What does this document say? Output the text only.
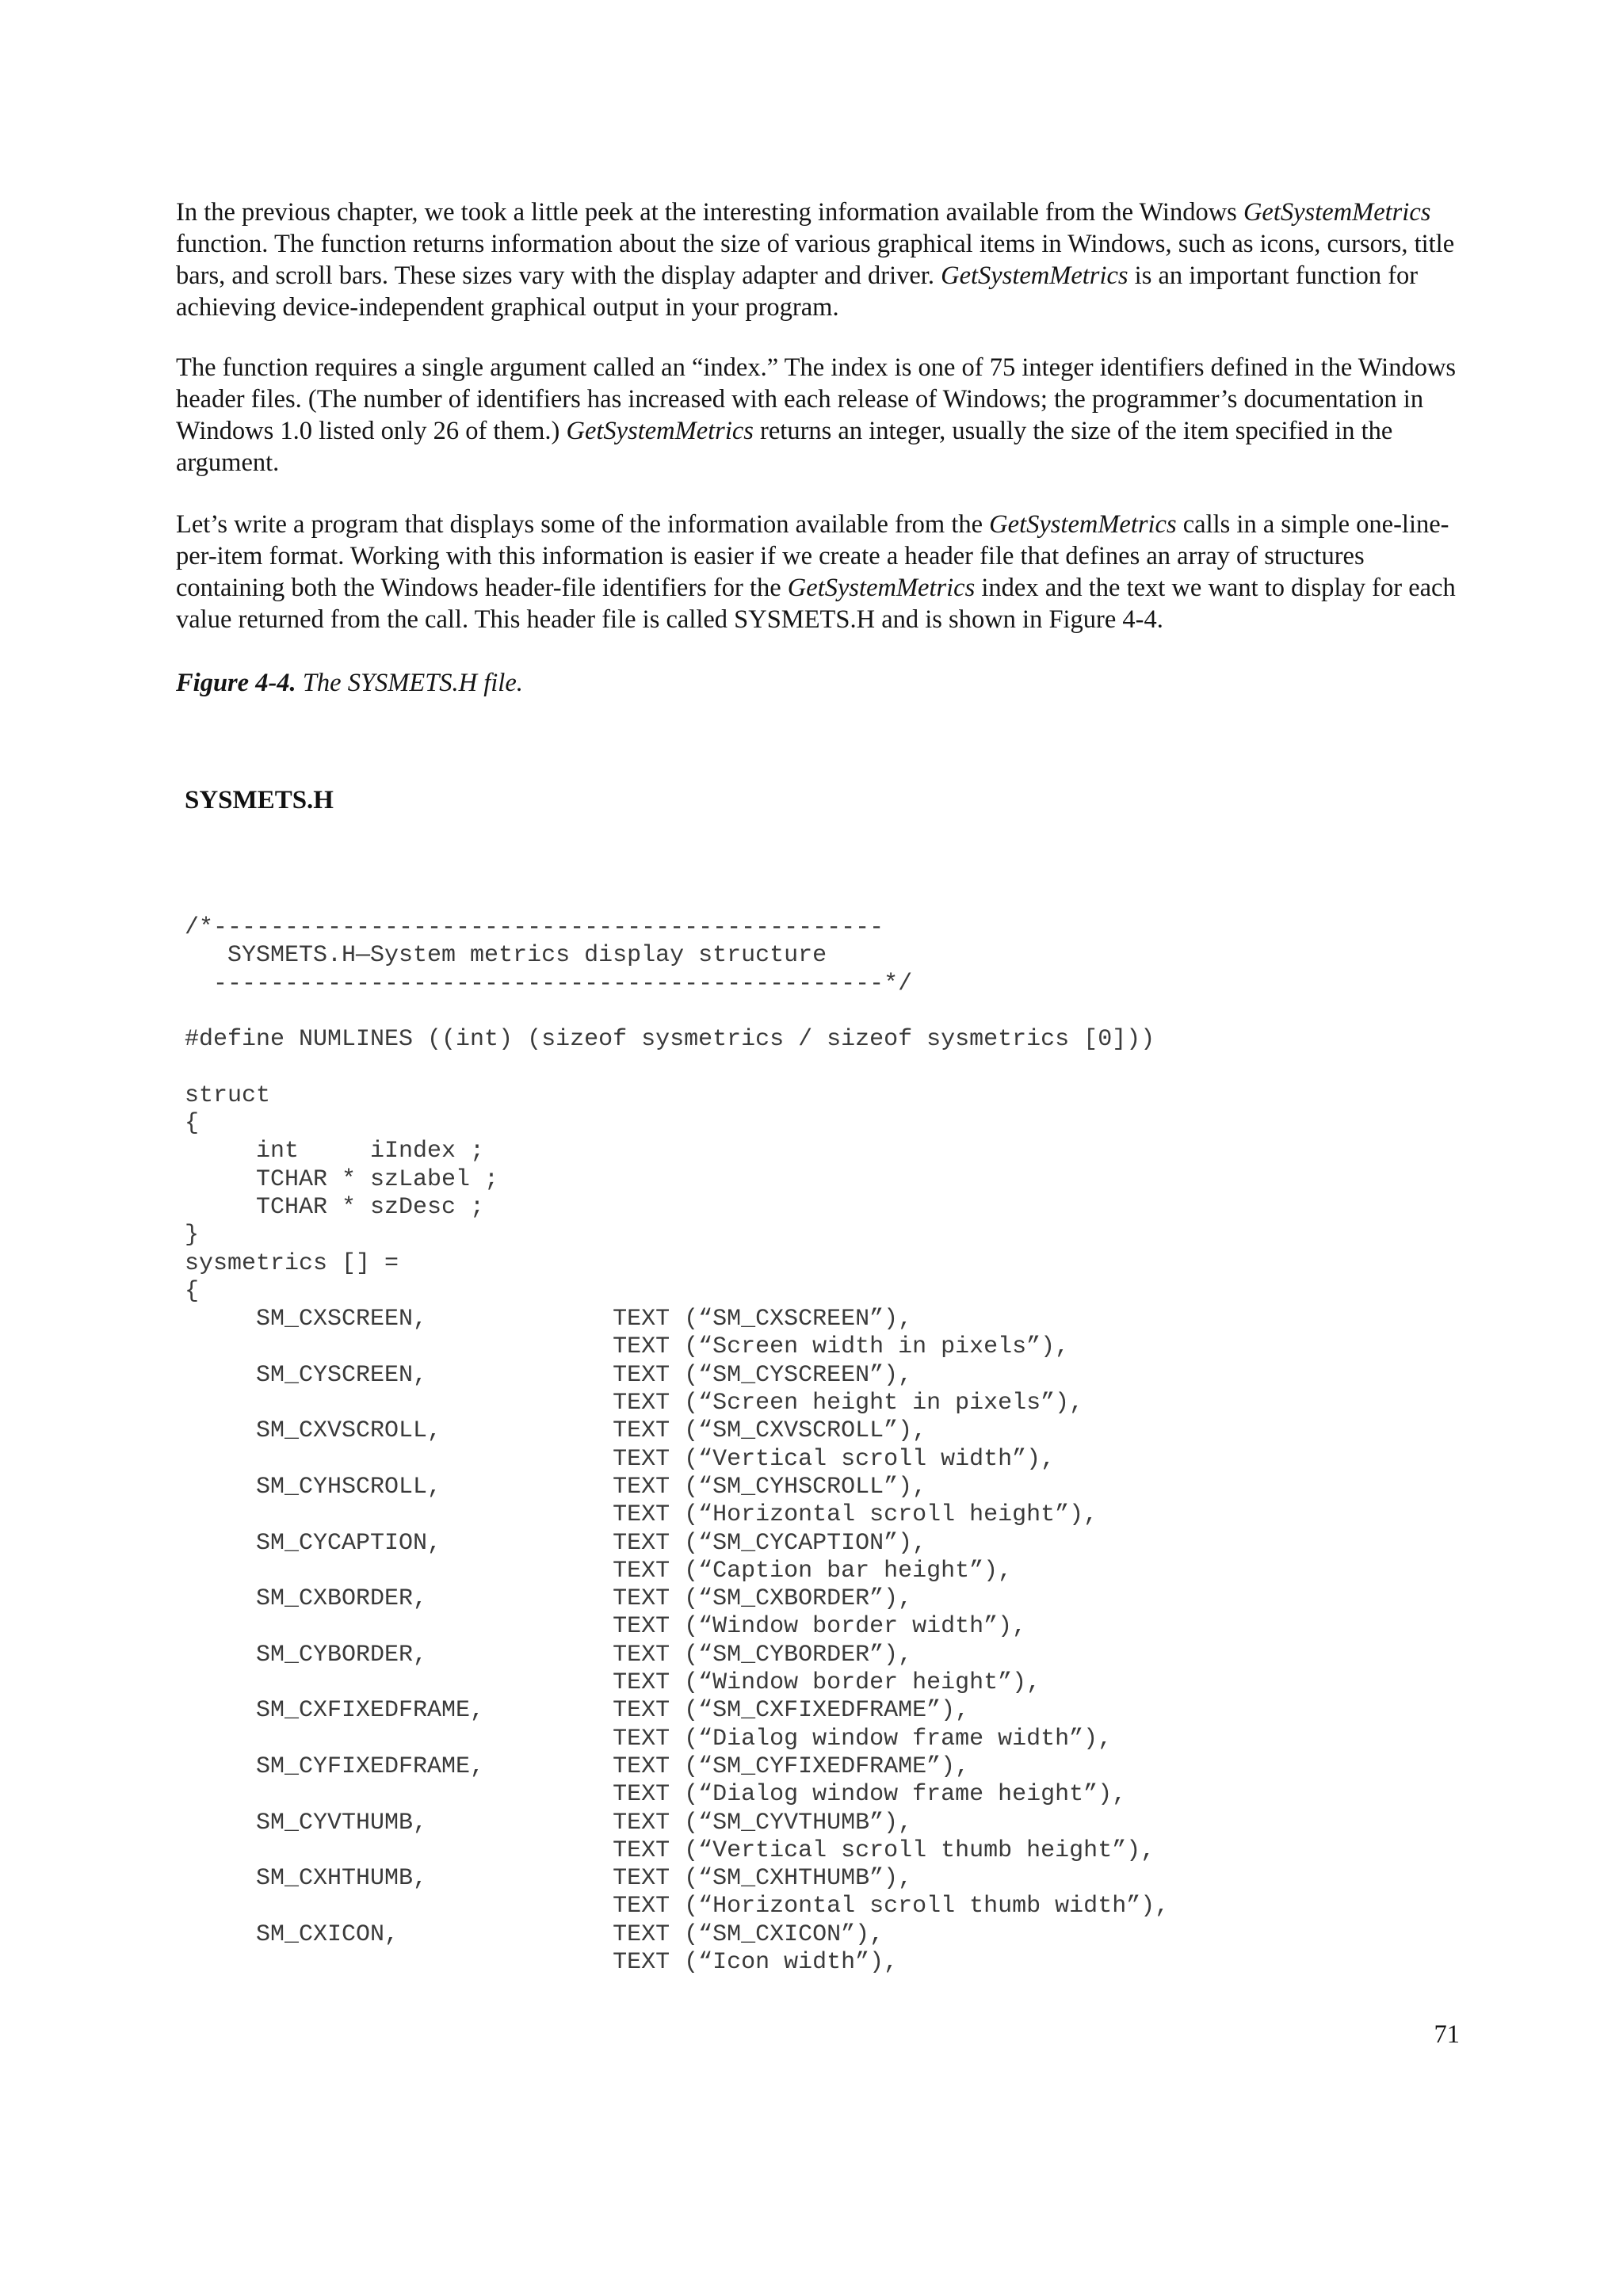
In the previous chapter, we took a little peek at the interesting information available from the Windows GetSystemMetrics function. The function returns information about the size of various graphical items in Windows, such as icons, cursors, title bars, and scroll bars. These sizes vary with the display adapter and driver. GetSystemMetrics is an important function for achieving device-independent graphical output in your program.

The function requires a single argument called an “index.” The index is one of 75 integer identifiers defined in the Windows header files. (The number of identifiers has increased with each release of Windows; the programmer’s documentation in Windows 1.0 listed only 26 of them.) GetSystemMetrics returns an integer, usually the size of the item specified in the argument.

Let’s write a program that displays some of the information available from the GetSystemMetrics calls in a simple one-line-per-item format. Working with this information is easier if we create a header file that defines an array of structures containing both the Windows header-file identifiers for the GetSystemMetrics index and the text we want to display for each value returned from the call. This header file is called SYSMETS.H and is shown in Figure 4-4.

Figure 4-4. The SYSMETS.H file.
SYSMETS.H
/*-----------------------------------------------
SYSMETS.H—System metrics display structure
-----------------------------------------------*/
#define NUMLINES ((int) (sizeof sysmetrics / sizeof sysmetrics [0]))
struct
{
int     iIndex ;
TCHAR * szLabel ;
TCHAR * szDesc ;
}
sysmetrics [] =
{
SM_CXSCREEN,             TEXT (“SM_CXSCREEN”),
TEXT (“Screen width in pixels”),
SM_CYSCREEN,             TEXT (“SM_CYSCREEN”),
TEXT (“Screen height in pixels”),
SM_CXVSCROLL,            TEXT (“SM_CXVSCROLL”),
TEXT (“Vertical scroll width”),
SM_CYHSCROLL,            TEXT (“SM_CYHSCROLL”),
TEXT (“Horizontal scroll height”),
SM_CYCAPTION,            TEXT (“SM_CYCAPTION”),
TEXT (“Caption bar height”),
SM_CXBORDER,             TEXT (“SM_CXBORDER”),
TEXT (“Window border width”),
SM_CYBORDER,             TEXT (“SM_CYBORDER”),
TEXT (“Window border height”),
SM_CXFIXEDFRAME,         TEXT (“SM_CXFIXEDFRAME”),
TEXT (“Dialog window frame width”),
SM_CYFIXEDFRAME,         TEXT (“SM_CYFIXEDFRAME”),
TEXT (“Dialog window frame height”),
SM_CYVTHUMB,             TEXT (“SM_CYVTHUMB”),
TEXT (“Vertical scroll thumb height”),
SM_CXHTHUMB,             TEXT (“SM_CXHTHUMB”),
TEXT (“Horizontal scroll thumb width”),
SM_CXICON,               TEXT (“SM_CXICON”),
TEXT (“Icon width”),
71
